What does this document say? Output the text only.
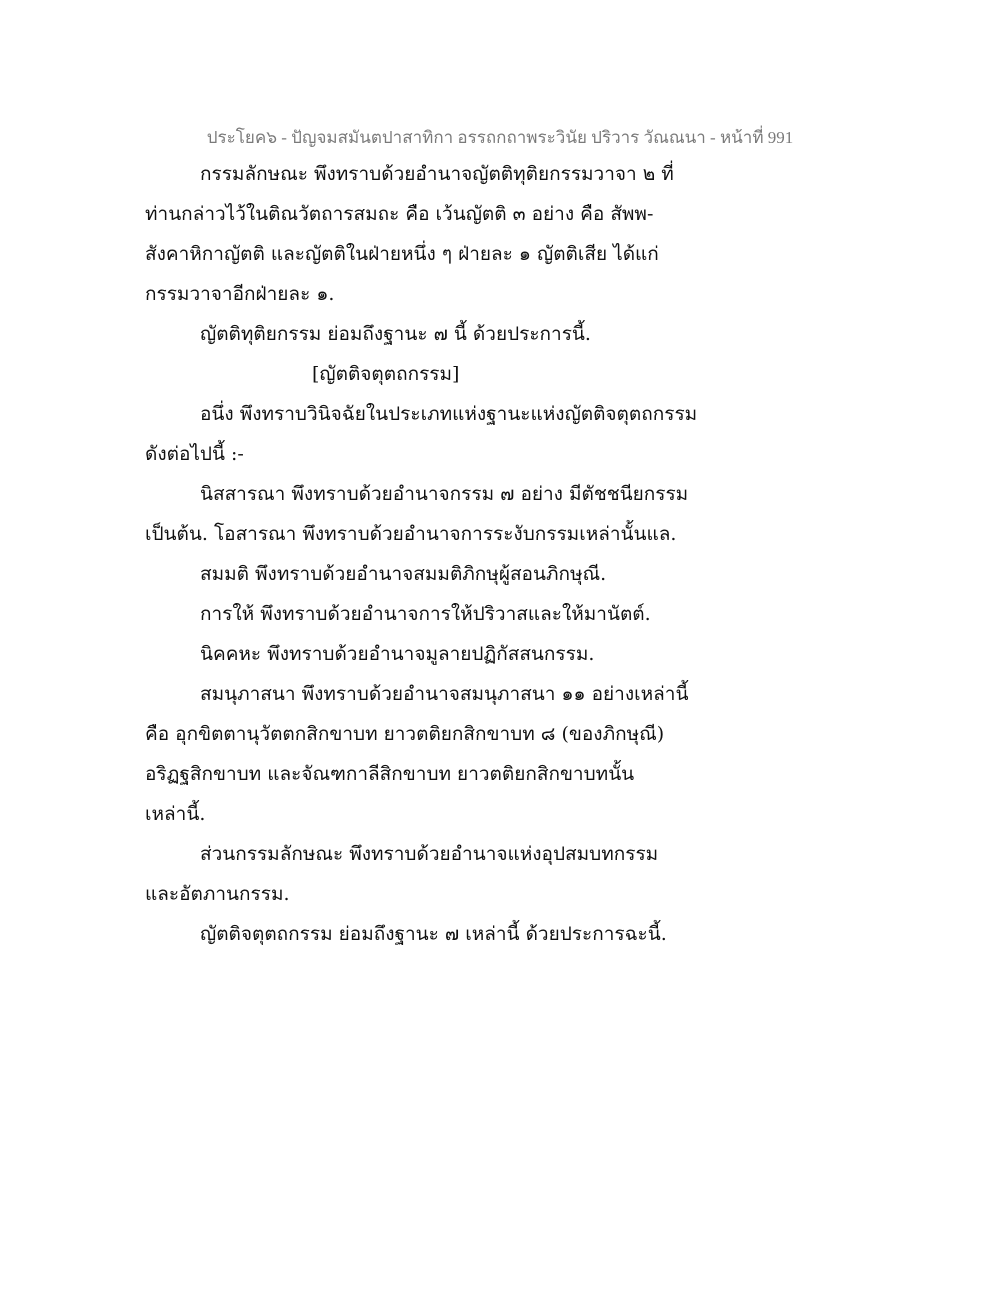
ประโยค๖ - ปัญจมสมันตปาสาทิกา อรรถกถาพระวินัย ปริวาร วัณณนา - หน้าที่ 991
กรรมลักษณะ พึงทราบด้วยอำนาจญัตติทุติยกรรมวาจา ๒ ที่
ท่านกล่าวไว้ในติณวัตถารสมถะ คือ เว้นญัตติ ๓ อย่าง คือ สัพพ-
สังคาหิกาญัตติ และญัตติในฝ่ายหนึ่ง ๆ ฝ่ายละ ๑ ญัตติเสีย ได้แก่
กรรมวาจาอีกฝ่ายละ ๑.
ญัตติทุติยกรรม ย่อมถึงฐานะ ๗ นี้ ด้วยประการนี้.
[ญัตติจตุตถกรรม]
อนึ่ง พึงทราบวินิจฉัยในประเภทแห่งฐานะแห่งญัตติจตุตถกรรม
ดังต่อไปนี้ :-
นิสสารณา พึงทราบด้วยอำนาจกรรม ๗ อย่าง มีตัชชนียกรรม
เป็นต้น. โอสารณา พึงทราบด้วยอำนาจการระงับกรรมเหล่านั้นแล.
สมมติ พึงทราบด้วยอำนาจสมมติภิกษุผู้สอนภิกษุณี.
การให้ พึงทราบด้วยอำนาจการให้ปริวาสและให้มานัตต์.
นิคคหะ พึงทราบด้วยอำนาจมูลายปฏิกัสสนกรรม.
สมนุภาสนา พึงทราบด้วยอำนาจสมนุภาสนา ๑๑ อย่างเหล่านี้
คือ อุกขิตตานุวัตตกสิกขาบท ยาวตติยกสิกขาบท ๘ (ของภิกษุณี)
อริฏฐสิกขาบท และจัณฑกาลีสิกขาบท ยาวตติยกสิกขาบทนั้น
เหล่านี้.
ส่วนกรรมลักษณะ พึงทราบด้วยอำนาจแห่งอุปสมบทกรรม
และอัตภานกรรม.
ญัตติจตุตถกรรม ย่อมถึงฐานะ ๗ เหล่านี้ ด้วยประการฉะนี้.
